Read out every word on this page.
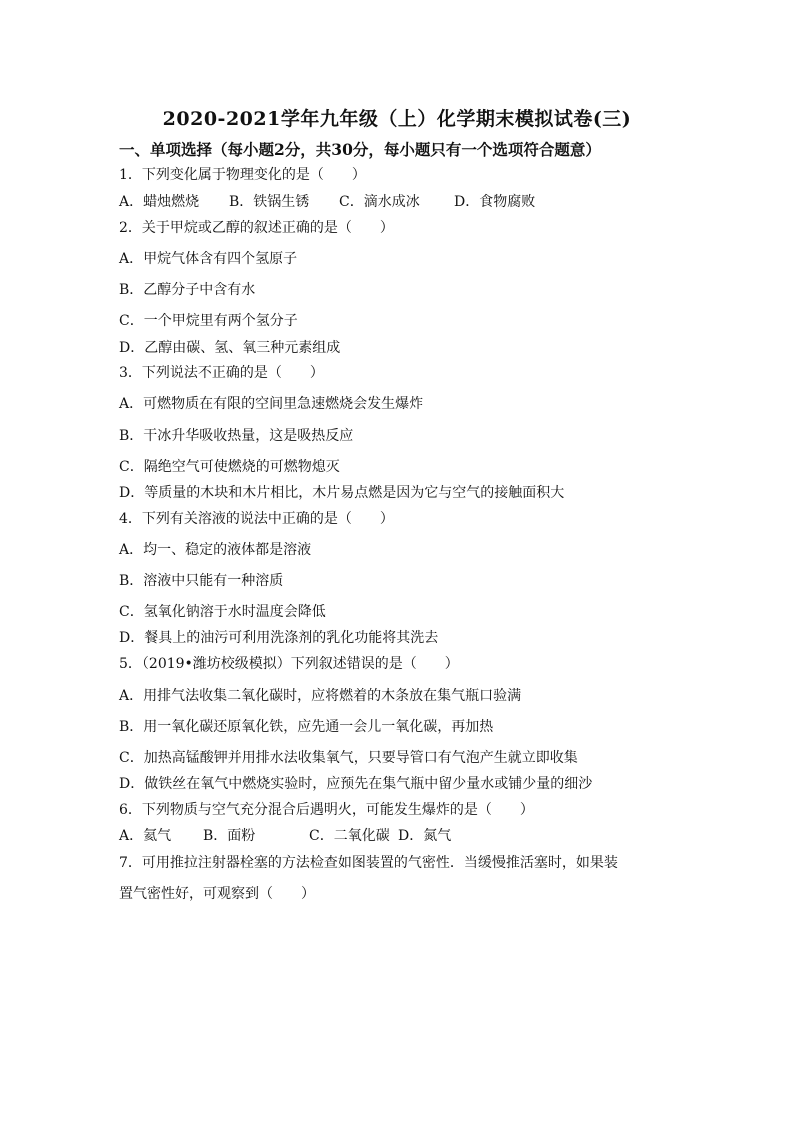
2020-2021学年九年级（上）化学期末模拟试卷(三)
一、单项选择（每小题2分，共30分，每小题只有一个选项符合题意）
1．下列变化属于物理变化的是（　　）
A．蜡烛燃烧	B．铁锅生锈	C．滴水成冰	D．食物腐败
2．关于甲烷或乙醇的叙述正确的是（　　）
A．甲烷气体含有四个氢原子
B．乙醇分子中含有水
C．一个甲烷里有两个氢分子
D．乙醇由碳、氢、氧三种元素组成
3．下列说法不正确的是（　　）
A．可燃物质在有限的空间里急速燃烧会发生爆炸
B．干冰升华吸收热量，这是吸热反应
C．隔绝空气可使燃烧的可燃物熄灭
D．等质量的木块和木片相比，木片易点燃是因为它与空气的接触面积大
4．下列有关溶液的说法中正确的是（　　）
A．均一、稳定的液体都是溶液
B．溶液中只能有一种溶质
C．氢氧化钠溶于水时温度会降低
D．餐具上的油污可利用洗涤剂的乳化功能将其洗去
5．（2019•潍坊校级模拟）下列叙述错误的是（　　）
A．用排气法收集二氧化碳时，应将燃着的木条放在集气瓶口验满
B．用一氧化碳还原氧化铁，应先通一会儿一氧化碳，再加热
C．加热高锰酸钾并用排水法收集氧气，只要导管口有气泡产生就立即收集
D．做铁丝在氧气中燃烧实验时，应预先在集气瓶中留少量水或铺少量的细沙
6．下列物质与空气充分混合后遇明火，可能发生爆炸的是（　　）
A．氦气	B．面粉	C．二氧化碳 D．氮气
7．可用推拉注射器栓塞的方法检查如图装置的气密性．当缓慢推活塞时，如果装
置气密性好，可观察到（　　）
